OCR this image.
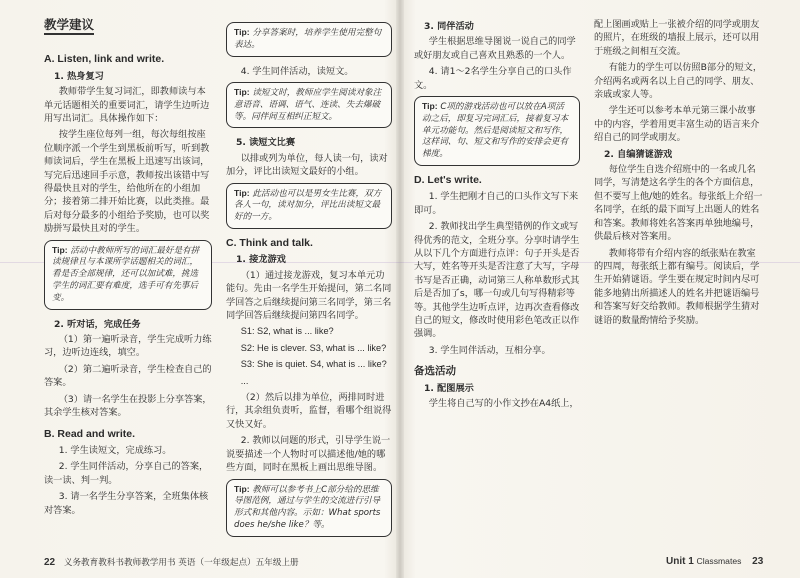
教学建议
A. Listen, link and write.
1. 热身复习

教师带学生复习词汇，即教师读与本单元话题相关的重要词汇，请学生边听边用写出词汇。具体操作如下：

按学生座位每列一组，每次每组按座位顺序派一个学生到黑板前听写，听到教师读词后，学生在黑板上迅速写出该词，写完后迅速回手示意，教师按出该错中写得最快且对的学生，给他所在的小组加分；接着第二排开始比赛，以此类推。最后对每分最多的小组给予奖励，也可以奖励拼写最快且对的学生。

Tip: 活动中教师所写的词汇最好是有拼读规律且与本课所学话题相关的词汇，看是否全部规律，还可以加试难，挑选学生的词汇要有难度，选手可有先事后变。
2. 听对话，完成任务

（1）第一遍听录音，学生完成听力练习，边听边连线，填空。

（2）第二遍听录音，学生检查自己的答案。

（3）请一名学生在投影上分享答案，其余学生核对答案。

B. Read and write.

1. 学生读短文，完成练习。

2. 学生同伴活动，分享自己的答案，读一读、判一判。

3. 请一名学生分享答案，全班集体核对答案。

Tip: 分享答案时，培养学生使用完整句表达。

4. 学生同伴活动，读短文。

Tip: 读短文时，教师应学生阅读对象注意语音、语调、语气、连读、失去爆破等。同伴间互相纠正短文。
5. 读短文比赛

以排或列为单位，每人读一句，读对加分，评比出读短文最好的小组。

Tip: 此活动也可以是男女生比赛，双方各人一句，读对加分，评比出读短文最好的一方。
C. Think and talk.
1. 接龙游戏

（1）通过接龙游戏，复习本单元功能句。先由一名学生开始提问，第二名同学回答之后继续提问第三名同学，第三名同学回答后继续提问第四名同学。

S1: S2, what is ... like?

S2: He is clever. S3, what is ... like?

S3: She is quiet. S4, what is ... like?

...

（2）然后以排为单位，两排同时进行，其余组负责听，监督，看哪个组说得又快又好。

2. 教师以问题的形式，引导学生说一说要描述一个人物时可以描述他/她的哪些方面，同时在黑板上画出思维导图。

Tip: 教师可以参考书上C部分给的思维导图范例，通过与学生的交流进行引导形式和其他内容。示如：What sports does he/she like？等。
22 义务教育教科书教师教学用书 英语（一年级起点）五年级上册
3. 同伴活动

学生根据思维导图说一说自己的同学或好朋友或自己喜欢且熟悉的一个人。

4. 请1～2名学生分享自己的口头作文。

Tip: C项的游戏活动也可以放在A项活动之后，即复习完词汇后，接着复习本单元功能句。然后是阅读短文和写作，这样词、句、短文和写作的安排会更有梯度。
D. Let's write.

1. 学生把刚才自己的口头作文写下来即可。

2. 教师找出学生典型错例的作文或写得优秀的范文，全班分享。分享时请学生从以下几个方面进行点评：句子开头是否大写，姓名等开头是否注意了大写，字母书写是否正确，动词第三人称单数形式其后是否加了s，哪一句或几句写得精彩等等。其他学生边听点评，边再次查看修改自己的短文，修改时使用彩色笔改正以作强调。

3. 学生同伴活动，互相分享。

备选活动
1. 配图展示

学生将自己写的小作文抄在A4纸上，

配上图画或贴上一张被介绍的同学或朋友的照片，在班级的墙报上展示，还可以用于班级之间相互交流。

有能力的学生可以仿照B部分的短文，介绍两名或两名以上自己的同学、朋友、亲戚或家人等。

学生还可以参考本单元第三课小故事中的内容，学着用更丰富生动的语言来介绍自己的同学或朋友。

2. 自编猜谜游戏

每位学生自选介绍班中的一名或几名同学，写清楚这名学生的各个方面信息，但不要写上他/她的姓名。每张纸上介绍一名同学，在纸的最下面写上出题人的姓名和答案。教师将姓名答案再单独地编号，供最后核对答案用。

教师将带有介绍内容的纸张贴在教室的四周，每张纸上都有编号。阅读后，学生开始猜谜语。学生要在规定时间内尽可能多地猜出所描述人的姓名并把谜语编号和答案写好交给教师。教师根据学生猜对谜语的数量酌情给予奖励。

Unit 1 Classmates 23
